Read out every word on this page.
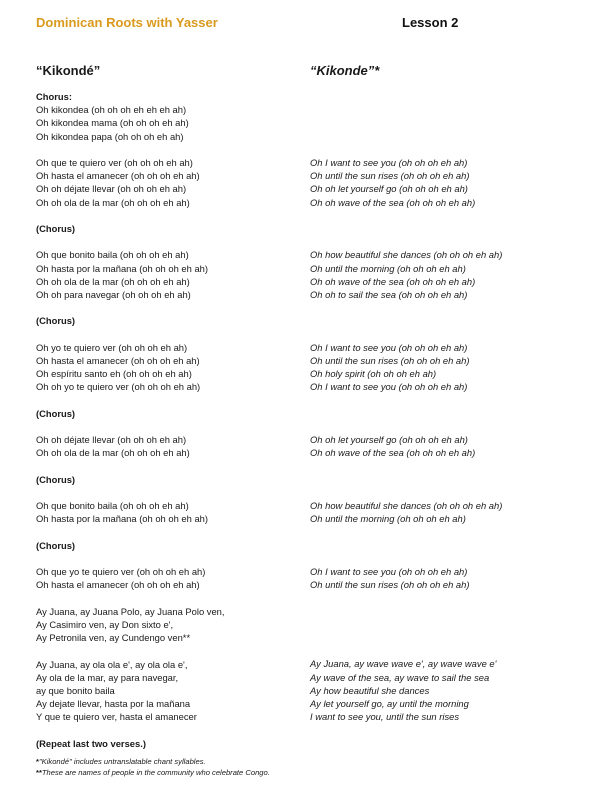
Dominican Roots with Yasser	Lesson 2
“Kikondé”	“Kikonde”*
Chorus:
Oh kikondea (oh oh oh eh eh eh ah)
Oh kikondea mama (oh oh oh eh ah)
Oh kikondea papa (oh oh oh eh ah)
Oh que te quiero ver (oh oh oh eh ah)
Oh hasta el amanecer (oh oh oh eh ah)
Oh oh déjate llevar (oh oh oh eh ah)
Oh oh ola de la mar (oh oh oh eh ah)
(Chorus)
Oh que bonito baila (oh oh oh eh ah)
Oh hasta por la mañana (oh oh oh eh ah)
Oh oh ola de la mar (oh oh oh eh ah)
Oh oh para navegar (oh oh oh eh ah)
(Chorus)
Oh yo te quiero ver (oh oh oh eh ah)
Oh hasta el amanecer (oh oh oh eh ah)
Oh espíritu santo eh (oh oh oh eh ah)
Oh oh yo te quiero ver (oh oh oh eh ah)
(Chorus)
Oh oh déjate llevar (oh oh oh eh ah)
Oh oh ola de la mar (oh oh oh eh ah)
(Chorus)
Oh que bonito baila (oh oh oh eh ah)
Oh hasta por la mañana (oh oh oh eh ah)
(Chorus)
Oh que yo te quiero ver (oh oh oh eh ah)
Oh hasta el amanecer (oh oh oh eh ah)
Ay Juana, ay Juana Polo, ay Juana Polo ven,
Ay Casimiro ven, ay Don sixto e',
Ay Petronila ven, ay Cundengo ven**
Ay Juana, ay ola ola e', ay ola ola e',
Ay ola de la mar, ay para navegar,
ay que bonito baila
Ay dejate llevar, hasta por la mañana
Y que te quiero ver, hasta el amanecer
(Repeat last two verses.)
Oh I want to see you (oh oh oh eh ah)
Oh until the sun rises (oh oh oh eh ah)
Oh oh let yourself go (oh oh oh eh ah)
Oh oh wave of the sea (oh oh oh eh ah)
Oh how beautiful she dances (oh oh oh eh ah)
Oh until the morning (oh oh oh eh ah)
Oh oh wave of the sea (oh oh oh eh ah)
Oh oh to sail the sea (oh oh oh eh ah)
Oh I want to see you (oh oh oh eh ah)
Oh until the sun rises (oh oh oh eh ah)
Oh holy spirit (oh oh oh eh ah)
Oh I want to see you (oh oh oh eh ah)
Oh oh let yourself go (oh oh oh eh ah)
Oh oh wave of the sea (oh oh oh eh ah)
Oh how beautiful she dances (oh oh oh eh ah)
Oh until the morning (oh oh oh eh ah)
Oh I want to see you (oh oh oh eh ah)
Oh until the sun rises (oh oh oh eh ah)
Ay Juana, ay wave wave e', ay wave wave e'
Ay wave of the sea, ay wave to sail the sea
Ay how beautiful she dances
Ay let yourself go, ay until the morning
I want to see you, until the sun rises
*"Kikondé" includes untranslatable chant syllables.
**These are names of people in the community who celebrate Congo.
